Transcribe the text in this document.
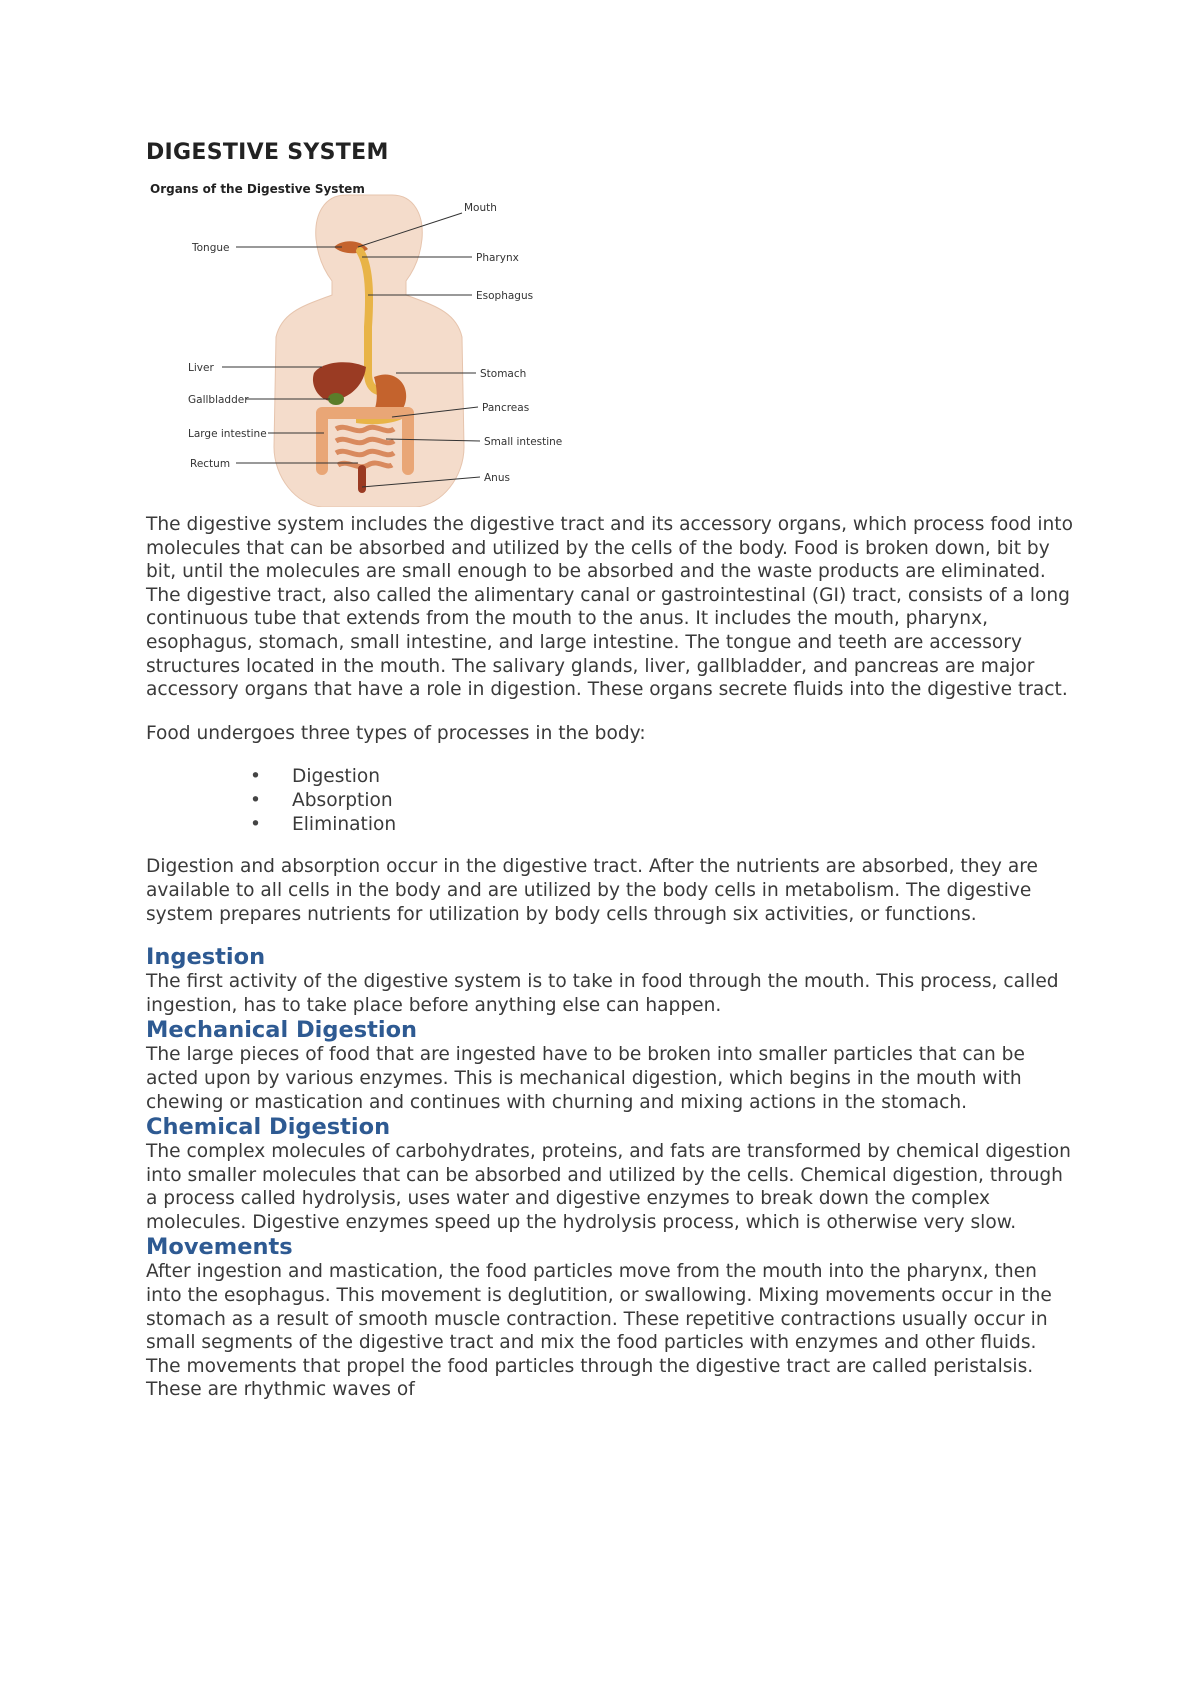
DIGESTIVE SYSTEM
Organs of the Digestive System
Tongue
Liver
Gallbladder
Large intestine
Rectum
Mouth
Pharynx
Esophagus
Stomach
Pancreas
Small intestine
Anus

The digestive system includes the digestive tract and its accessory organs, which process food into molecules that can be absorbed and utilized by the cells of the body. Food is broken down, bit by bit, until the molecules are small enough to be absorbed and the waste products are eliminated. The digestive tract, also called the alimentary canal or gastrointestinal (GI) tract, consists of a long continuous tube that extends from the mouth to the anus. It includes the mouth, pharynx, esophagus, stomach, small intestine, and large intestine. The tongue and teeth are accessory structures located in the mouth. The salivary glands, liver, gallbladder, and pancreas are major accessory organs that have a role in digestion. These organs secrete fluids into the digestive tract.

Food undergoes three types of processes in the body:

• Digestion
• Absorption
• Elimination

Digestion and absorption occur in the digestive tract. After the nutrients are absorbed, they are available to all cells in the body and are utilized by the body cells in metabolism. The digestive system prepares nutrients for utilization by body cells through six activities, or functions.

Ingestion

The first activity of the digestive system is to take in food through the mouth. This process, called ingestion, has to take place before anything else can happen.

Mechanical Digestion

The large pieces of food that are ingested have to be broken into smaller particles that can be acted upon by various enzymes. This is mechanical digestion, which begins in the mouth with chewing or mastication and continues with churning and mixing actions in the stomach.

Chemical Digestion

The complex molecules of carbohydrates, proteins, and fats are transformed by chemical digestion into smaller molecules that can be absorbed and utilized by the cells. Chemical digestion, through a process called hydrolysis, uses water and digestive enzymes to break down the complex molecules. Digestive enzymes speed up the hydrolysis process, which is otherwise very slow.

Movements

After ingestion and mastication, the food particles move from the mouth into the pharynx, then into the esophagus. This movement is deglutition, or swallowing. Mixing movements occur in the stomach as a result of smooth muscle contraction. These repetitive contractions usually occur in small segments of the digestive tract and mix the food particles with enzymes and other fluids. The movements that propel the food particles through the digestive tract are called peristalsis. These are rhythmic waves of
